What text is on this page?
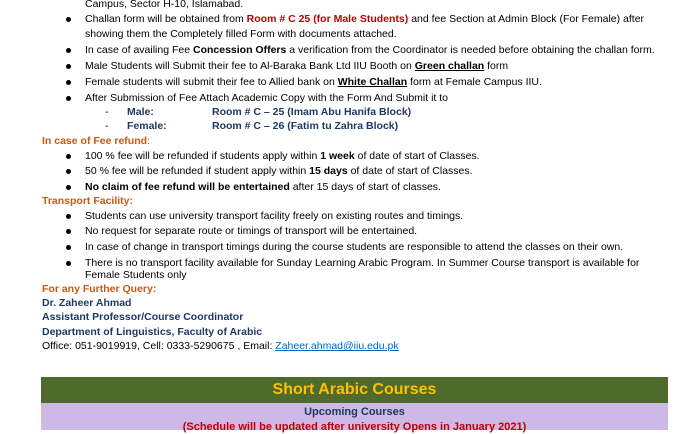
Campus, Sector H-10, Islamabad.
Challan form will be obtained from Room # C 25 (for Male Students) and fee Section at Admin Block (For Female) after
showing them the Completely filled Form with documents attached.
In case of availing Fee Concession Offers a verification from the Coordinator is needed before obtaining the challan form.
Male Students will Submit their fee to Al-Baraka Bank Ltd IIU Booth on Green challan form
Female students will submit their fee to Allied bank on White Challan form at Female Campus IIU.
After Submission of Fee Attach Academic Copy with the Form And Submit it to
- Male:	Room # C – 25 (Imam Abu Hanifa Block)
- Female:	Room # C – 26 (Fatim tu Zahra Block)
In case of Fee refund:
100 % fee will be refunded if students apply within 1 week of date of start of Classes.
50 % fee will be refunded if student apply within 15 days of date of start of Classes.
No claim of fee refund will be entertained after 15 days of start of classes.
Transport Facility:
Students can use university transport facility freely on existing routes and timings.
No request for separate route or timings of transport will be entertained.
In case of change in transport timings during the course students are responsible to attend the classes on their own.
There is no transport facility available for Sunday Learning Arabic Program. In Summer Course transport is available for
Female Students only
For any Further Query:
Dr. Zaheer Ahmad
Assistant Professor/Course Coordinator
Department of Linguistics, Faculty of Arabic
Office: 051-9019919, Cell: 0333-5290675 , Email: Zaheer.ahmad@iiu.edu.pk
Short Arabic Courses
Upcoming Courses
(Schedule will be updated after university Opens in January 2021)
